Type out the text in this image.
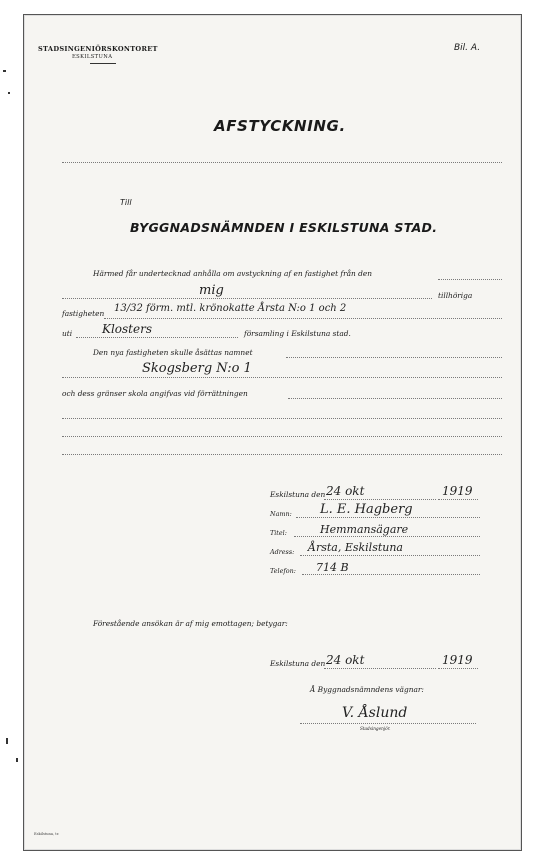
STADSINGENIÖRSKONTORET
ESKILSTUNA
Bil. A.
AFSTYCKNING.
Till
BYGGNADSNÄMNDEN I ESKILSTUNA STAD.
Härmed får undertecknad anhålla om avstyckning af en fastighet från den
mig	tillhöriga
fastigheten 13/32 förm. mtl. krönokatte Årsta N:o 1 och 2
uti Klosters	församling i Eskilstuna stad.
Den nya fastigheten skulle åsättas namnet
Skogsberg N:o 1
och dess gränser skola angifvas vid förrättningen
Eskilstuna den 24 okt	1919
Namn: L. E. Hagberg
Titel:	Hemmansägare
Adress: Årsta, Eskilstuna
Telefon: 714 B
Förestående ansökan är af mig emottagen; betygar:
Eskilstuna den 24 okt	1919
Å Byggnadsnämndens vägnar:
V. Åslund
Stadsingenjör.
Eskilstuna, tr.
